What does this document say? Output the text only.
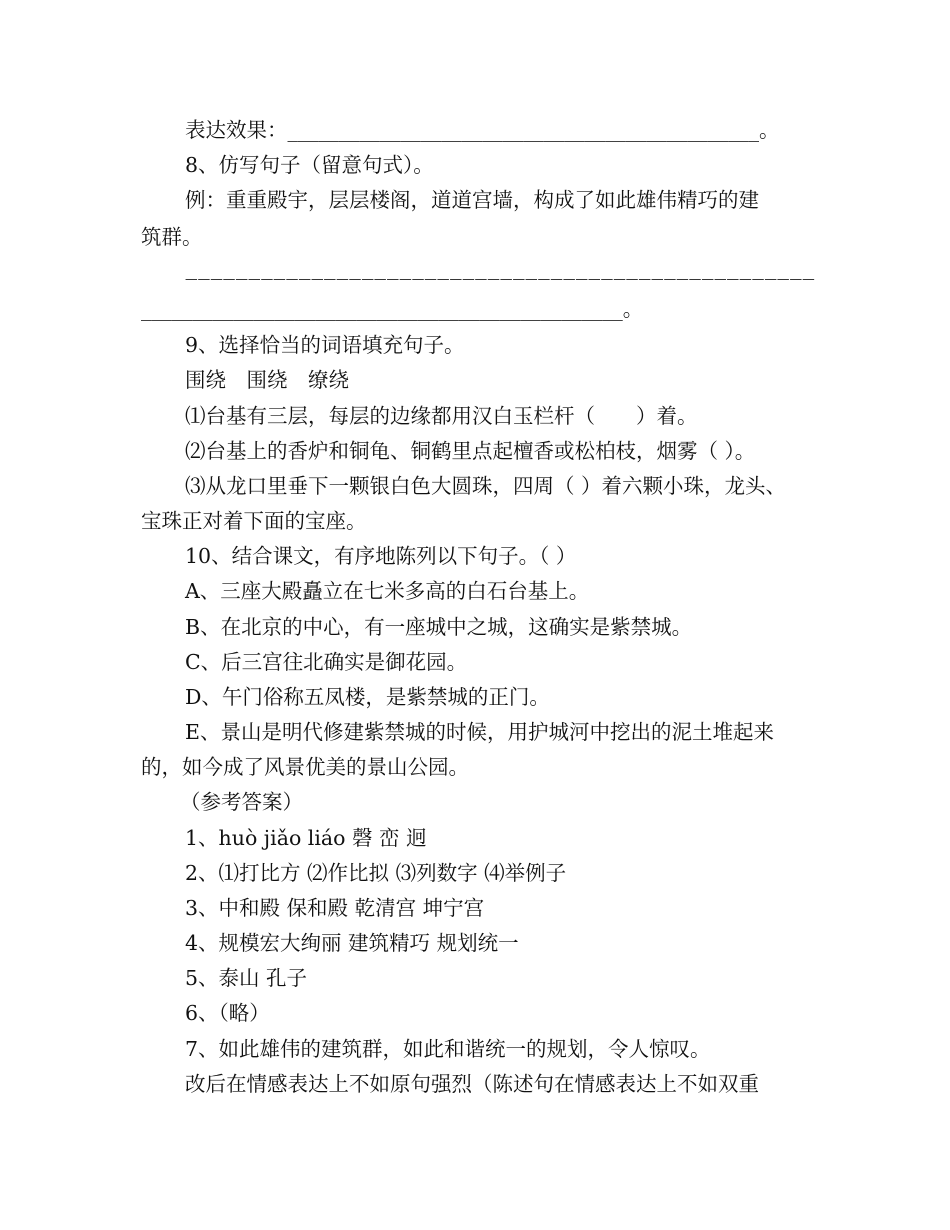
表达效果：______________________________________________。
8、仿写句子（留意句式）。
例：重重殿宇，层层楼阁，道道宫墙，构成了如此雄伟精巧的建
筑群。
——————————————————————————————————————————————————
_______________________________________________。
9、选择恰当的词语填充句子。
围绕　围绕　缭绕
⑴台基有三层，每层的边缘都用汉白玉栏杆（　　）着。
⑵台基上的香炉和铜龟、铜鹤里点起檀香或松柏枝，烟雾（ ）。
⑶从龙口里垂下一颗银白色大圆珠，四周（ ）着六颗小珠，龙头、
宝珠正对着下面的宝座。
10、结合课文，有序地陈列以下句子。（ ）
A、三座大殿矗立在七米多高的白石台基上。
B、在北京的中心，有一座城中之城，这确实是紫禁城。
C、后三宫往北确实是御花园。
D、午门俗称五凤楼，是紫禁城的正门。
E、景山是明代修建紫禁城的时候，用护城河中挖出的泥土堆起来
的，如今成了风景优美的景山公园。
（参考答案）
1、huò jiǎo liáo 磬 峦 迥
2、⑴打比方 ⑵作比拟 ⑶列数字 ⑷举例子
3、中和殿 保和殿 乾清宫 坤宁宫
4、规模宏大绚丽 建筑精巧 规划统一
5、泰山 孔子
6、（略）
7、如此雄伟的建筑群，如此和谐统一的规划，令人惊叹。
改后在情感表达上不如原句强烈（陈述句在情感表达上不如双重
